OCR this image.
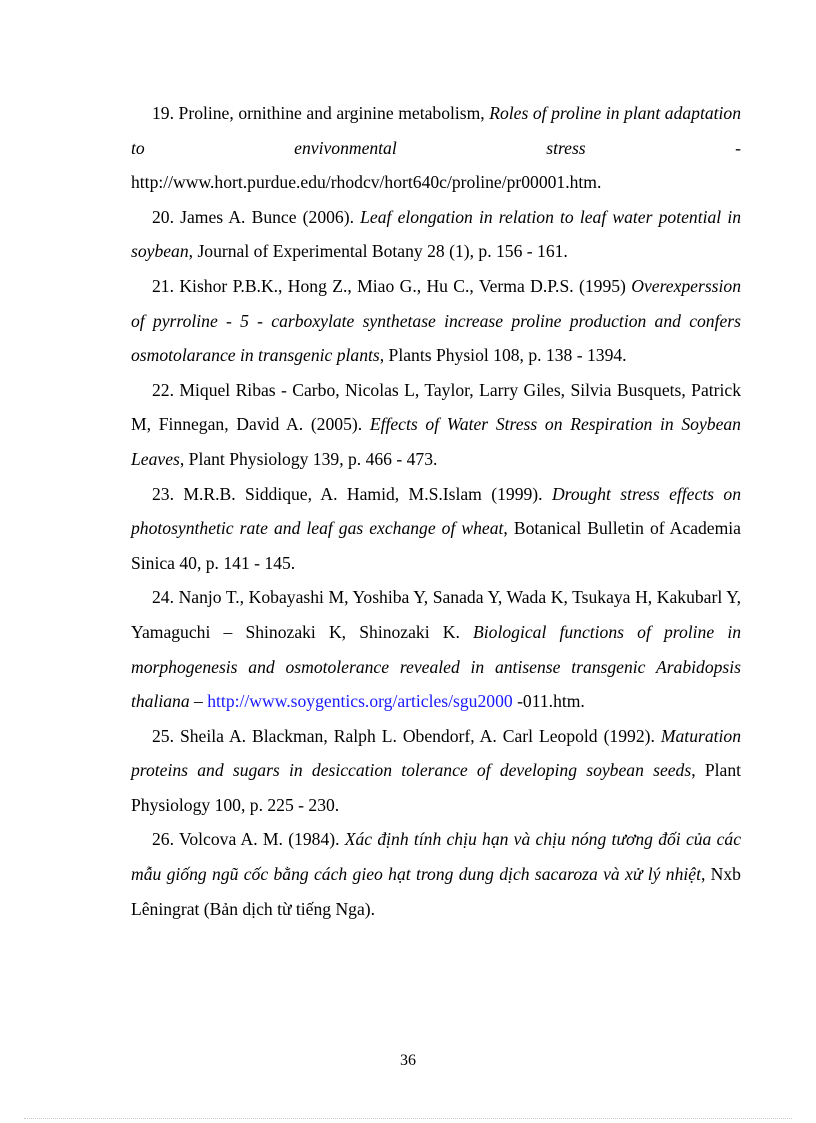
19. Proline, ornithine and arginine metabolism, Roles of proline in plant adaptation to envivonmental stress - http://www.hort.purdue.edu/rhodcv/hort640c/proline/pr00001.htm.

20. James A. Bunce (2006). Leaf elongation in relation to leaf water potential in soybean, Journal of Experimental Botany 28 (1), p. 156 - 161.

21. Kishor P.B.K., Hong Z., Miao G., Hu C., Verma D.P.S. (1995) Overexperssion of pyrroline - 5 - carboxylate synthetase increase proline production and confers osmotolarance in transgenic plants, Plants Physiol 108, p. 138 - 1394.

22. Miquel Ribas - Carbo, Nicolas L, Taylor, Larry Giles, Silvia Busquets, Patrick M, Finnegan, David A. (2005). Effects of Water Stress on Respiration in Soybean Leaves, Plant Physiology 139, p. 466 - 473.

23. M.R.B. Siddique, A. Hamid, M.S.Islam (1999). Drought stress effects on photosynthetic rate and leaf gas exchange of wheat, Botanical Bulletin of Academia Sinica 40, p. 141 - 145.

24. Nanjo T., Kobayashi M, Yoshiba Y, Sanada Y, Wada K, Tsukaya H, Kakubarl Y, Yamaguchi – Shinozaki K, Shinozaki K. Biological functions of proline in morphogenesis and osmotolerance revealed in antisense transgenic Arabidopsis thaliana – http://www.soygentics.org/articles/sgu2000 -011.htm.

25. Sheila A. Blackman, Ralph L. Obendorf, A. Carl Leopold (1992). Maturation proteins and sugars in desiccation tolerance of developing soybean seeds, Plant Physiology 100, p. 225 - 230.

26. Volcova A. M. (1984). Xác định tính chịu hạn và chịu nóng tương đối của các mẫu giống ngũ cốc bằng cách gieo hạt trong dung dịch sacaroza và xử lý nhiệt, Nxb Lêningrat (Bản dịch từ tiếng Nga).

36
